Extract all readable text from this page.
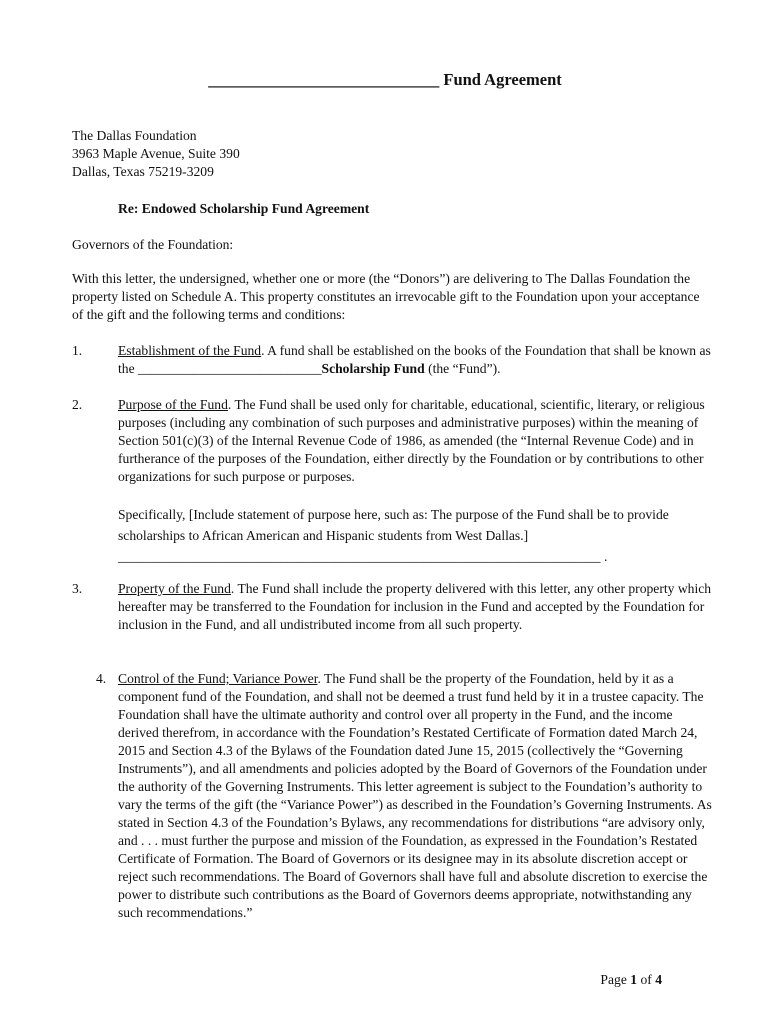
____________________________ Fund Agreement
The Dallas Foundation
3963 Maple Avenue, Suite 390
Dallas, Texas 75219-3209
Re: Endowed Scholarship Fund Agreement
Governors of the Foundation:
With this letter, the undersigned, whether one or more (the “Donors”) are delivering to The Dallas Foundation the property listed on Schedule A. This property constitutes an irrevocable gift to the Foundation upon your acceptance of the gift and the following terms and conditions:
1.	Establishment of the Fund. A fund shall be established on the books of the Foundation that shall be known as the ___________________________Scholarship Fund (the “Fund”).
2.	Purpose of the Fund. The Fund shall be used only for charitable, educational, scientific, literary, or religious purposes (including any combination of such purposes and administrative purposes) within the meaning of Section 501(c)(3) of the Internal Revenue Code of 1986, as amended (the “Internal Revenue Code) and in furtherance of the purposes of the Foundation, either directly by the Foundation or by contributions to other organizations for such purpose or purposes.
Specifically, [Include statement of purpose here, such as: The purpose of the Fund shall be to provide scholarships to African American and Hispanic students from West Dallas.]
_______________________________________________________________________ .
3.	Property of the Fund. The Fund shall include the property delivered with this letter, any other property which hereafter may be transferred to the Foundation for inclusion in the Fund and accepted by the Foundation for inclusion in the Fund, and all undistributed income from all such property.
4. Control of the Fund; Variance Power. The Fund shall be the property of the Foundation, held by it as a component fund of the Foundation, and shall not be deemed a trust fund held by it in a trustee capacity. The Foundation shall have the ultimate authority and control over all property in the Fund, and the income derived therefrom, in accordance with the Foundation’s Restated Certificate of Formation dated March 24, 2015 and Section 4.3 of the Bylaws of the Foundation dated June 15, 2015 (collectively the “Governing Instruments”), and all amendments and policies adopted by the Board of Governors of the Foundation under the authority of the Governing Instruments. This letter agreement is subject to the Foundation’s authority to vary the terms of the gift (the “Variance Power”) as described in the Foundation’s Governing Instruments. As stated in Section 4.3 of the Foundation’s Bylaws, any recommendations for distributions “are advisory only, and . . . must further the purpose and mission of the Foundation, as expressed in the Foundation’s Restated Certificate of Formation. The Board of Governors or its designee may in its absolute discretion accept or reject such recommendations. The Board of Governors shall have full and absolute discretion to exercise the power to distribute such contributions as the Board of Governors deems appropriate, notwithstanding any such recommendations.”
Page 1 of 4
